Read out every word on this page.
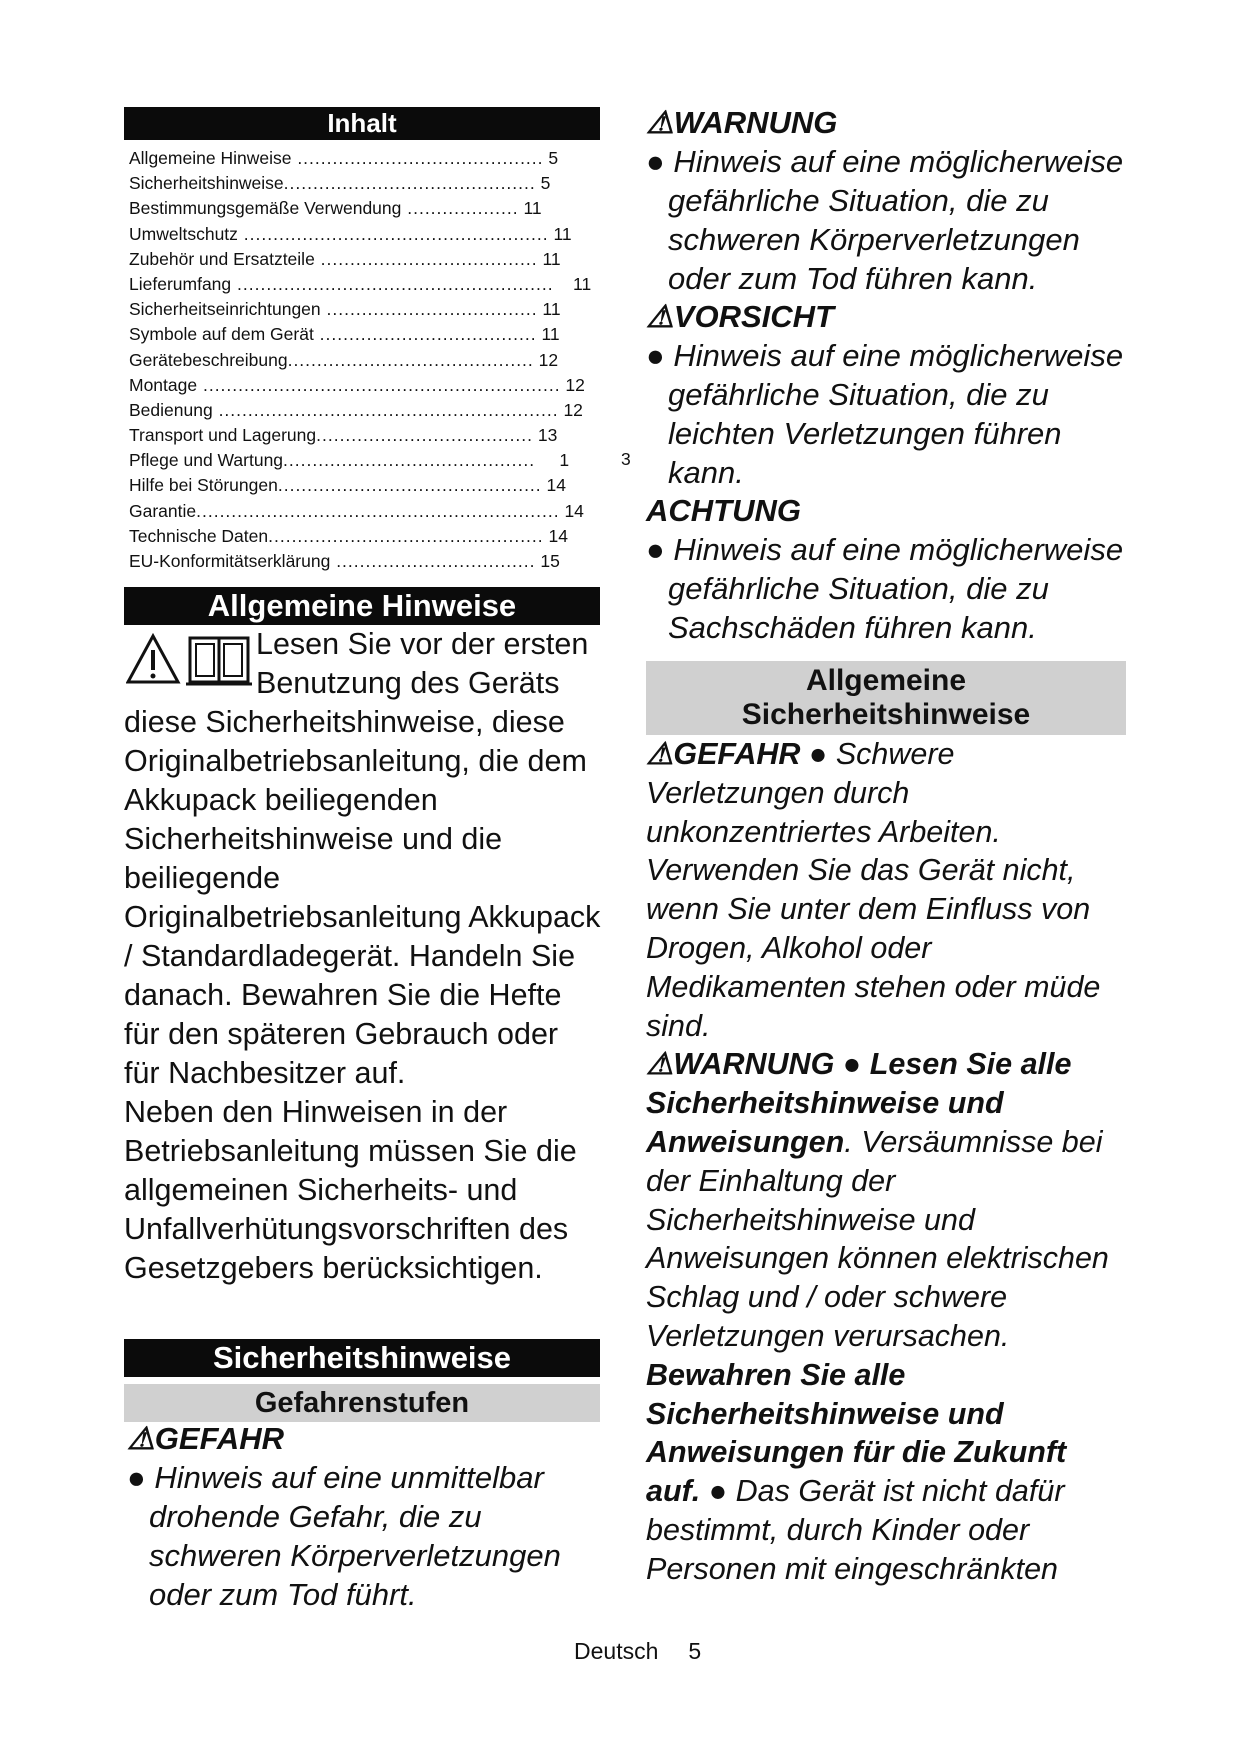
Inhalt
Allgemeine Hinweise .......................................... 5
Sicherheitshinweise........................................... 5
Bestimmungsgemäße Verwendung ................... 11
Umweltschutz .................................................... 11
Zubehör und Ersatzteile ..................................... 11
Lieferumfang ......................................................    11
Sicherheitseinrichtungen .................................... 11
Symbole auf dem Gerät ..................................... 11
Gerätebeschreibung.......................................... 12
Montage ............................................................. 12
Bedienung .......................................................... 12
Transport und Lagerung..................................... 13
Pflege und Wartung...........................................     1
Hilfe bei Störungen............................................. 14
Garantie.............................................................. 14
Technische Daten............................................... 14
EU-Konformitätserklärung .................................. 15
Allgemeine Hinweise
Lesen Sie vor der ersten Benutzung des Geräts diese Sicherheitshinweise, diese Originalbetriebsanleitung, die dem Akkupack beiliegenden Sicherheitshinweise und die beiliegende Originalbetriebsanleitung Akkupack / Standardladegerät. Handeln Sie danach. Bewahren Sie die Hefte für den späteren Gebrauch oder für Nachbesitzer auf.
Neben den Hinweisen in der Betriebsanleitung müssen Sie die allgemeinen Sicherheits- und Unfallverhütungsvorschriften des Gesetzgebers berücksichtigen.
Sicherheitshinweise
Gefahrenstufen

⚠GEFAHR

● Hinweis auf eine unmittelbar drohende Gefahr, die zu schweren Körperverletzungen oder zum Tod führt.

3

⚠WARNUNG

● Hinweis auf eine möglicherweise gefährliche Situation, die zu schweren Körperverletzungen oder zum Tod führen kann.

⚠VORSICHT

● Hinweis auf eine möglicherweise gefährliche Situation, die zu leichten Verletzungen führen kann.

ACHTUNG

● Hinweis auf eine möglicherweise gefährliche Situation, die zu Sachschäden führen kann.

Allgemeine
Sicherheitshinweise

⚠GEFAHR ● Schwere Verletzungen durch unkonzentriertes Arbeiten. Verwenden Sie das Gerät nicht, wenn Sie unter dem Einfluss von Drogen, Alkohol oder Medikamenten stehen oder müde sind.

⚠WARNUNG ● Lesen Sie alle Sicherheitshinweise und Anweisungen. Versäumnisse bei der Einhaltung der Sicherheitshinweise und Anweisungen können elektrischen Schlag und / oder schwere Verletzungen verursachen. Bewahren Sie alle Sicherheitshinweise und Anweisungen für die Zukunft auf. ● Das Gerät ist nicht dafür bestimmt, durch Kinder oder Personen mit eingeschränkten

Deutsch 5
